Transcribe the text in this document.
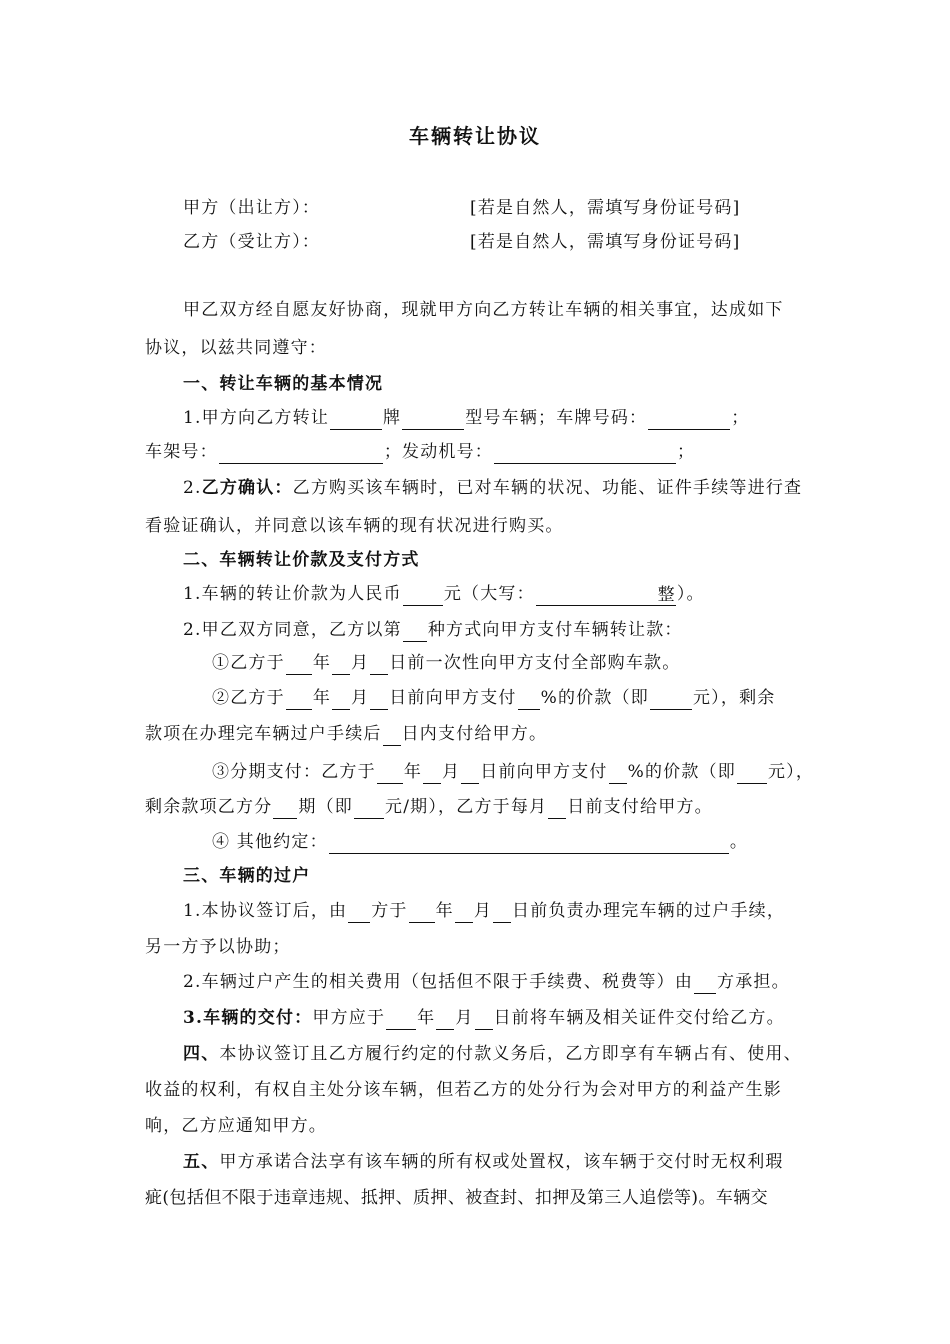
车辆转让协议
甲方（出让方）：	[若是自然人，需填写身份证号码]
乙方（受让方）：	[若是自然人，需填写身份证号码]
甲乙双方经自愿友好协商，现就甲方向乙方转让车辆的相关事宜，达成如下
协议，以兹共同遵守：
一、转让车辆的基本情况
1.甲方向乙方转让	牌	型号车辆；车牌号码：	；
车架号：	；发动机号：	；
2.乙方确认：乙方购买该车辆时，已对车辆的状况、功能、证件手续等进行查
看验证确认，并同意以该车辆的现有状况进行购买。
二、车辆转让价款及支付方式
1.车辆的转让价款为人民币 元（大写：	整）。
2.甲乙双方同意，乙方以第 种方式向甲方支付车辆转让款：
①乙方于 年 月 日前一次性向甲方支付全部购车款。
②乙方于 年 月 日前向甲方支付 %的价款（即	元），剩余
款项在办理完车辆过户手续后 日内支付给甲方。
③分期支付：乙方于 年 月 日前向甲方支付 %的价款（即 元），
剩余款项乙方分 期（即 元/期），乙方于每月 日前支付给甲方。
④ 其他约定：	。
三、车辆的过户
1.本协议签订后，由 方于 年 月 日前负责办理完车辆的过户手续，
另一方予以协助；
2.车辆过户产生的相关费用（包括但不限于手续费、税费等）由 方承担。
3.车辆的交付：甲方应于 年 月 日前将车辆及相关证件交付给乙方。
四、本协议签订且乙方履行约定的付款义务后，乙方即享有车辆占有、使用、
收益的权利，有权自主处分该车辆，但若乙方的处分行为会对甲方的利益产生影
响，乙方应通知甲方。
五、甲方承诺合法享有该车辆的所有权或处置权，该车辆于交付时无权利瑕
疵(包括但不限于违章违规、抵押、质押、被查封、扣押及第三人追偿等)。车辆交
